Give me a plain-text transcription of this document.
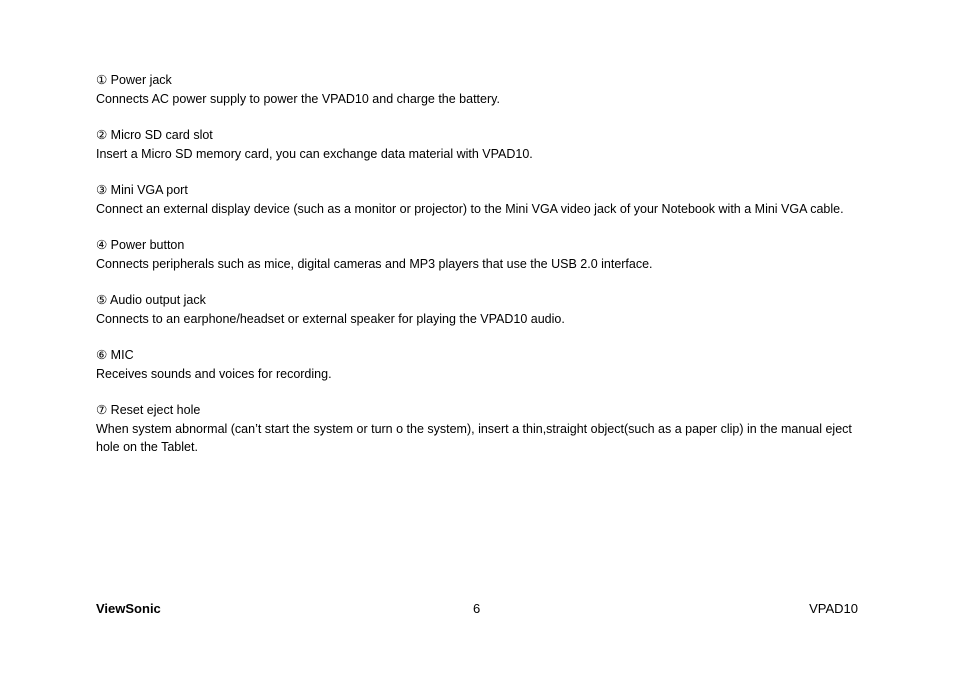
① Power jack
Connects AC power supply to power the VPAD10 and charge the battery.
② Micro SD card slot
Insert a Micro SD memory card, you can exchange data material with VPAD10.
③ Mini VGA port
Connect an external display device (such as a monitor or projector) to the Mini VGA video jack of your Notebook with a Mini VGA cable.
④ Power button
Connects peripherals such as mice, digital cameras and MP3 players that use the USB 2.0 interface.
⑤ Audio output jack
Connects to an earphone/headset or external speaker for playing the VPAD10 audio.
⑥ MIC
Receives sounds and voices for recording.
⑦ Reset eject hole
When system abnormal (can’t start the system or turn o the system), insert a thin,straight object(such as a paper clip) in the manual eject hole on the Tablet.
ViewSonic	6	VPAD10
